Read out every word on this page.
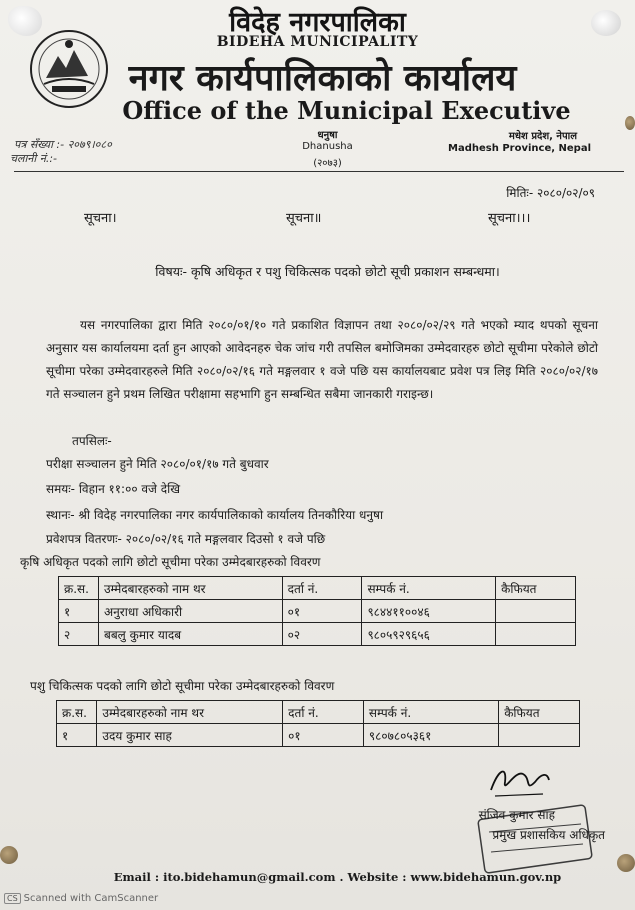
विदेह नगरपालिका
BIDEHA MUNICIPALITY
नगर कार्यपालिकाको कार्यालय
Office of the Municipal Executive
पत्र सँख्या :- २०७९।०८०
चलानी नं.:-
धनुषा
Dhanusha
(२०७३)
मधेश प्रदेश, नेपाल
Madhesh Province, Nepal
मितिः- २०८०/०२/०९
सूचना।	सूचना॥	सूचना।।।
विषयः- कृषि अधिकृत र पशु चिकित्सक पदको छोटो सूची प्रकाशन सम्बन्धमा।

यस नगरपालिका द्वारा मिति २०८०/०१/१० गते प्रकाशित विज्ञापन तथा २०८०/०२/२९ गते भएको म्याद थपको सूचना अनुसार यस कार्यालयमा दर्ता हुन आएको आवेदनहरु चेक जांच गरी तपसिल बमोजिमका उम्मेदवारहरु छोटो सूचीमा परेकोले छोटो सूचीमा परेका उम्मेदवारहरुले मिति २०८०/०२/१६ गते मङ्गलवार १ वजे पछि यस कार्यालयबाट प्रवेश पत्र लिइ मिति २०८०/०२/१७ गते सञ्चालन हुने प्रथम लिखित परीक्षामा सहभागि हुन सम्बन्धित सबैमा जानकारी गराइन्छ।

तपसिलः-
परीक्षा सञ्चालन हुने मिति २०८०/०१/१७ गते बुधवार
समयः- विहान ११:०० वजे देखि
स्थानः- श्री विदेह नगरपालिका नगर कार्यपालिकाको कार्यालय तिनकौरिया धनुषा
प्रवेशपत्र वितरणः- २०८०/०२/१६ गते मङ्गलवार दिउसो १ वजे पछि
कृषि अधिकृत पदको लागि छोटो सूचीमा परेका उम्मेदबारहरुको विवरण
क्र.स.	उम्मेदबारहरुको नाम थर	दर्ता नं.	सम्पर्क नं.	कैफियत
१	अनुराधा अधिकारी	०१	९८४४११००४६	
२	बबलु कुमार यादब	०२	९८०५९२९६५६	
पशु चिकित्सक पदको लागि छोटो सूचीमा परेका उम्मेदबारहरुको विवरण
क्र.स.	उम्मेदबारहरुको नाम थर	दर्ता नं.	सम्पर्क नं.	कैफियत
१	उदय कुमार साह	०१	९८०७८०५३६१	
संजिव कुमार साह
प्रमुख प्रशासकिय अधिकृत
Email : ito.bidehamun@gmail.com . Website : www.bidehamun.gov.np
CS Scanned with CamScanner
